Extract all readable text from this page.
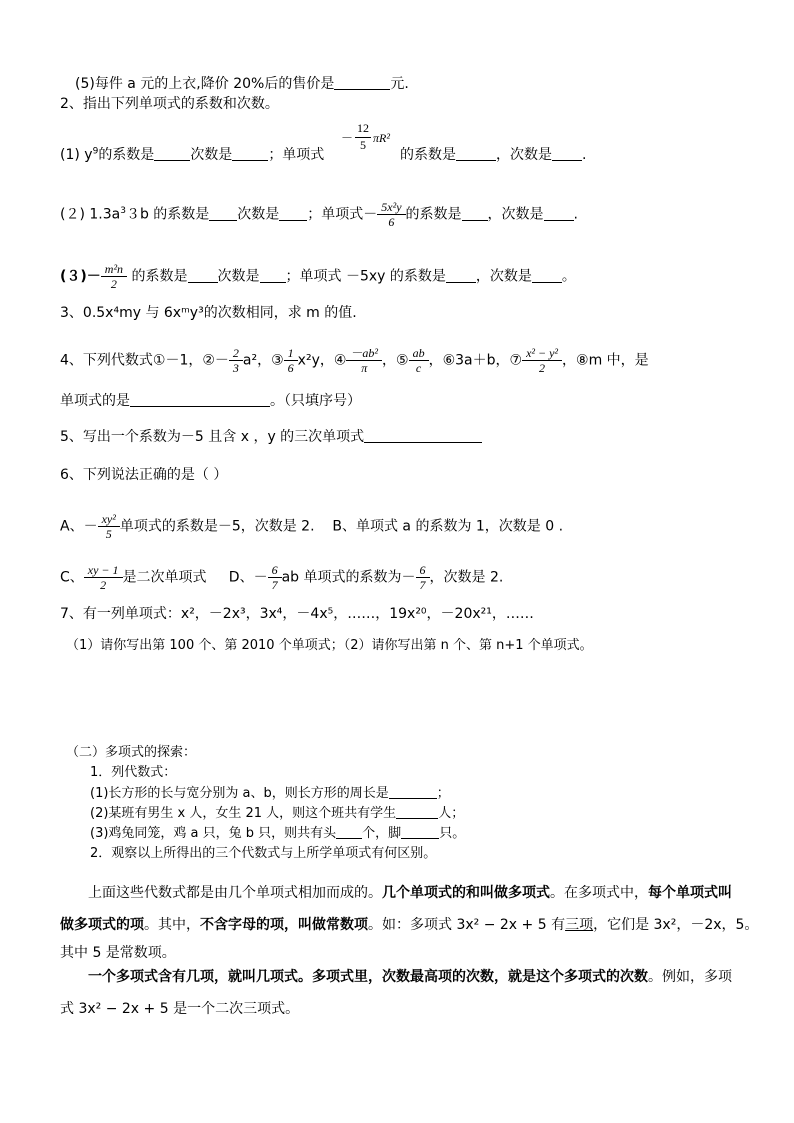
(5)每件 a 元的上衣,降价 20%后的售价是	元.
2、指出下列单项式的系数和次数。
(1) $y^9$的系数是	次数是	；单项式
－
12
5 πR²
的系数是	，次数是 .
(２) $1.3a^33b$ 的系数是 次数是 ；单项式－ $\frac{\text{5x²y}}{6}$ 的系数是 ，次数是 .
$(3)- \frac{\text{m²n}}{2}$ 的系数是 次数是 ；单项式 －5xy 的系数是 ，次数是 。
3、0.5x⁴my 与 6xᵐy³的次数相同，求 m 的值.
4、下列代数式①－1，②－ $\frac{2}{3} a^2$，③ $\frac{1}{6} x^2y$，④ $\frac{\text{－ab²}}{\pi}$ ，⑤ $\frac{ab}{c}$ ，⑥3a＋b，⑦ $\frac{\text{x² − y²}}{2}$ ，⑧m 中，是
单项式的是	。（只填序号）
5、写出一个系数为－5 且含 x ，y 的三次单项式
6、下列说法正确的是（ ）
A、－ $\frac{\text{xy²}}{5}$ 单项式的系数是－5，次数是 2. B、单项式 a 的系数为 1，次数是 0 .
C、 $\frac{xy - 1}{2}$ 是二次单项式 D、－ $\frac{6}{7}$ ab 单项式的系数为－ $\frac{6}{7}$ ，次数是 2.
7、有一列单项式：x²，－2x³，3x⁴，－4x⁵，……，19x²⁰，－20x²¹，……
（1）请你写出第 100 个、第 2010 个单项式；（2）请你写出第 n 个、第 n+1 个单项式。
（二）多项式的探索：
1．列代数式：
(1)长方形的长与宽分别为 a、b，则长方形的周长是	；
(2)某班有男生 x 人，女生 21 人，则这个班共有学生	人；
(3)鸡兔同笼，鸡 a 只，兔 b 只，则共有头 个，脚	只。
2．观察以上所得出的三个代数式与上所学单项式有何区别。
上面这些代数式都是由几个单项式相加而成的。几个单项式的和叫做多项式。在多项式中，每个单项式叫
做多项式的项。其中，不含字母的项，叫做常数项。如：多项式 3x² − 2x + 5 有三项，它们是 3x²，－2x，5。
其中 5 是常数项。
一个多项式含有几项，就叫几项式。多项式里，次数最高项的次数，就是这个多项式的次数。例如，多项
式 3x² − 2x + 5 是一个二次三项式。
